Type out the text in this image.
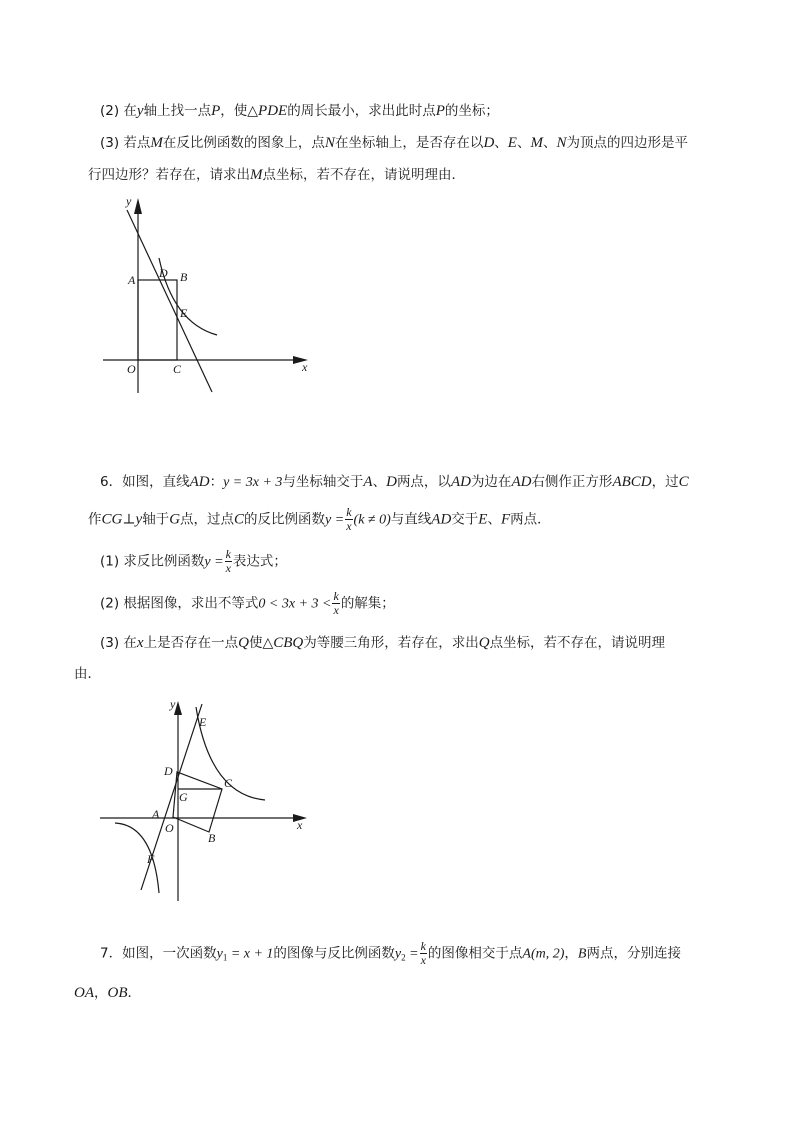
(2) 在y轴上找一点P，使△PDE的周长最小，求出此时点P的坐标；
(3) 若点M在反比例函数的图象上，点N在坐标轴上，是否存在以D、E、M、N为顶点的四边形是平
行四边形？若存在，请求出M点坐标，若不存在，请说明理由．
y
x
O
A D B
E
C
6．如图，直线AD：y = 3x + 3与坐标轴交于A、D两点，以AD为边在AD右侧作正方形ABCD，过C
作CG⊥y轴于G点，过点C的反比例函数$y = \frac{k}{x} (k \ne 0)$与直线AD交于E、F两点．
(1) 求反比例函数$y = \frac{k}{x}$ 表达式；
(2) 根据图像，求出不等式$0 < 3x + 3 < \frac{k}{x}$ 的解集；
(3) 在x上是否存在一点Q使△CBQ为等腰三角形，若存在，求出Q点坐标，若不存在，请说明理
由．
y
x
O
A
B
C
D
E
F
G
7．如图，一次函数$y_1 = x + 1$的图像与反比例函数$y_2 = \frac{k}{x}$ 的图像相交于点A(m, 2)，B两点，分别连接
OA，OB．
